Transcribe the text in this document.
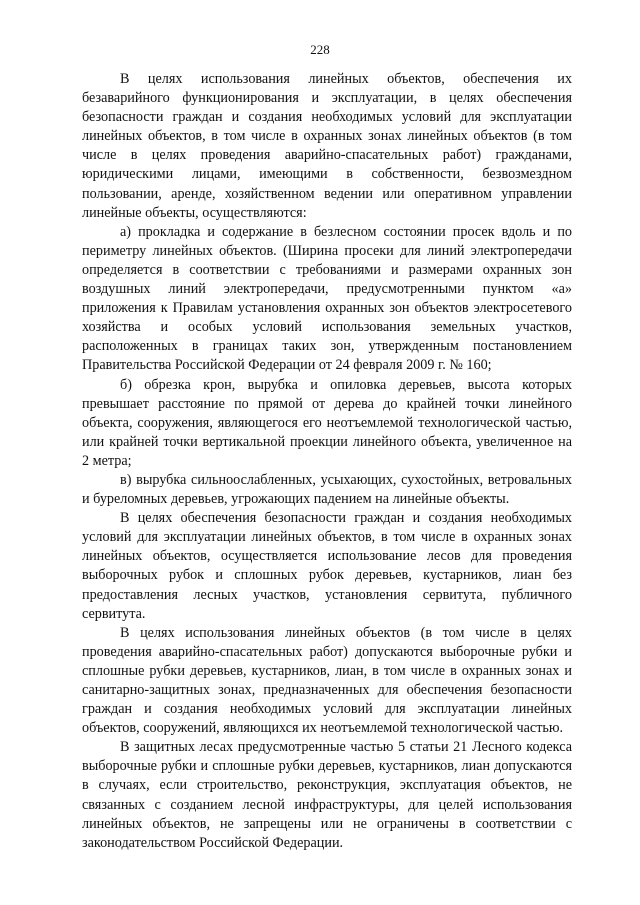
228

В целях использования линейных объектов, обеспечения их безаварийного функционирования и эксплуатации, в целях обеспечения безопасности граждан и создания необходимых условий для эксплуатации линейных объектов, в том числе в охранных зонах линейных объектов (в том числе в целях проведения аварийно-спасательных работ) гражданами, юридическими лицами, имеющими в собственности, безвозмездном пользовании, аренде, хозяйственном ведении или оперативном управлении линейные объекты, осуществляются:

а) прокладка и содержание в безлесном состоянии просек вдоль и по периметру линейных объектов. (Ширина просеки для линий электропередачи определяется в соответствии с требованиями и размерами охранных зон воздушных линий электропередачи, предусмотренными пунктом «а» приложения к Правилам установления охранных зон объектов электросетевого хозяйства и особых условий использования земельных участков, расположенных в границах таких зон, утвержденным постановлением Правительства Российской Федерации от 24 февраля 2009 г. № 160;

б) обрезка крон, вырубка и опиловка деревьев, высота которых превышает расстояние по прямой от дерева до крайней точки линейного объекта, сооружения, являющегося его неотъемлемой технологической частью, или крайней точки вертикальной проекции линейного объекта, увеличенное на 2 метра;

в) вырубка сильноослабленных, усыхающих, сухостойных, ветровальных и буреломных деревьев, угрожающих падением на линейные объекты.

В целях обеспечения безопасности граждан и создания необходимых условий для эксплуатации линейных объектов, в том числе в охранных зонах линейных объектов, осуществляется использование лесов для проведения выборочных рубок и сплошных рубок деревьев, кустарников, лиан без предоставления лесных участков, установления сервитута, публичного сервитута.

В целях использования линейных объектов (в том числе в целях проведения аварийно-спасательных работ) допускаются выборочные рубки и сплошные рубки деревьев, кустарников, лиан, в том числе в охранных зонах и санитарно-защитных зонах, предназначенных для обеспечения безопасности граждан и создания необходимых условий для эксплуатации линейных объектов, сооружений, являющихся их неотъемлемой технологической частью.

В защитных лесах предусмотренные частью 5 статьи 21 Лесного кодекса выборочные рубки и сплошные рубки деревьев, кустарников, лиан допускаются в случаях, если строительство, реконструкция, эксплуатация объектов, не связанных с созданием лесной инфраструктуры, для целей использования линейных объектов, не запрещены или не ограничены в соответствии с законодательством Российской Федерации.
